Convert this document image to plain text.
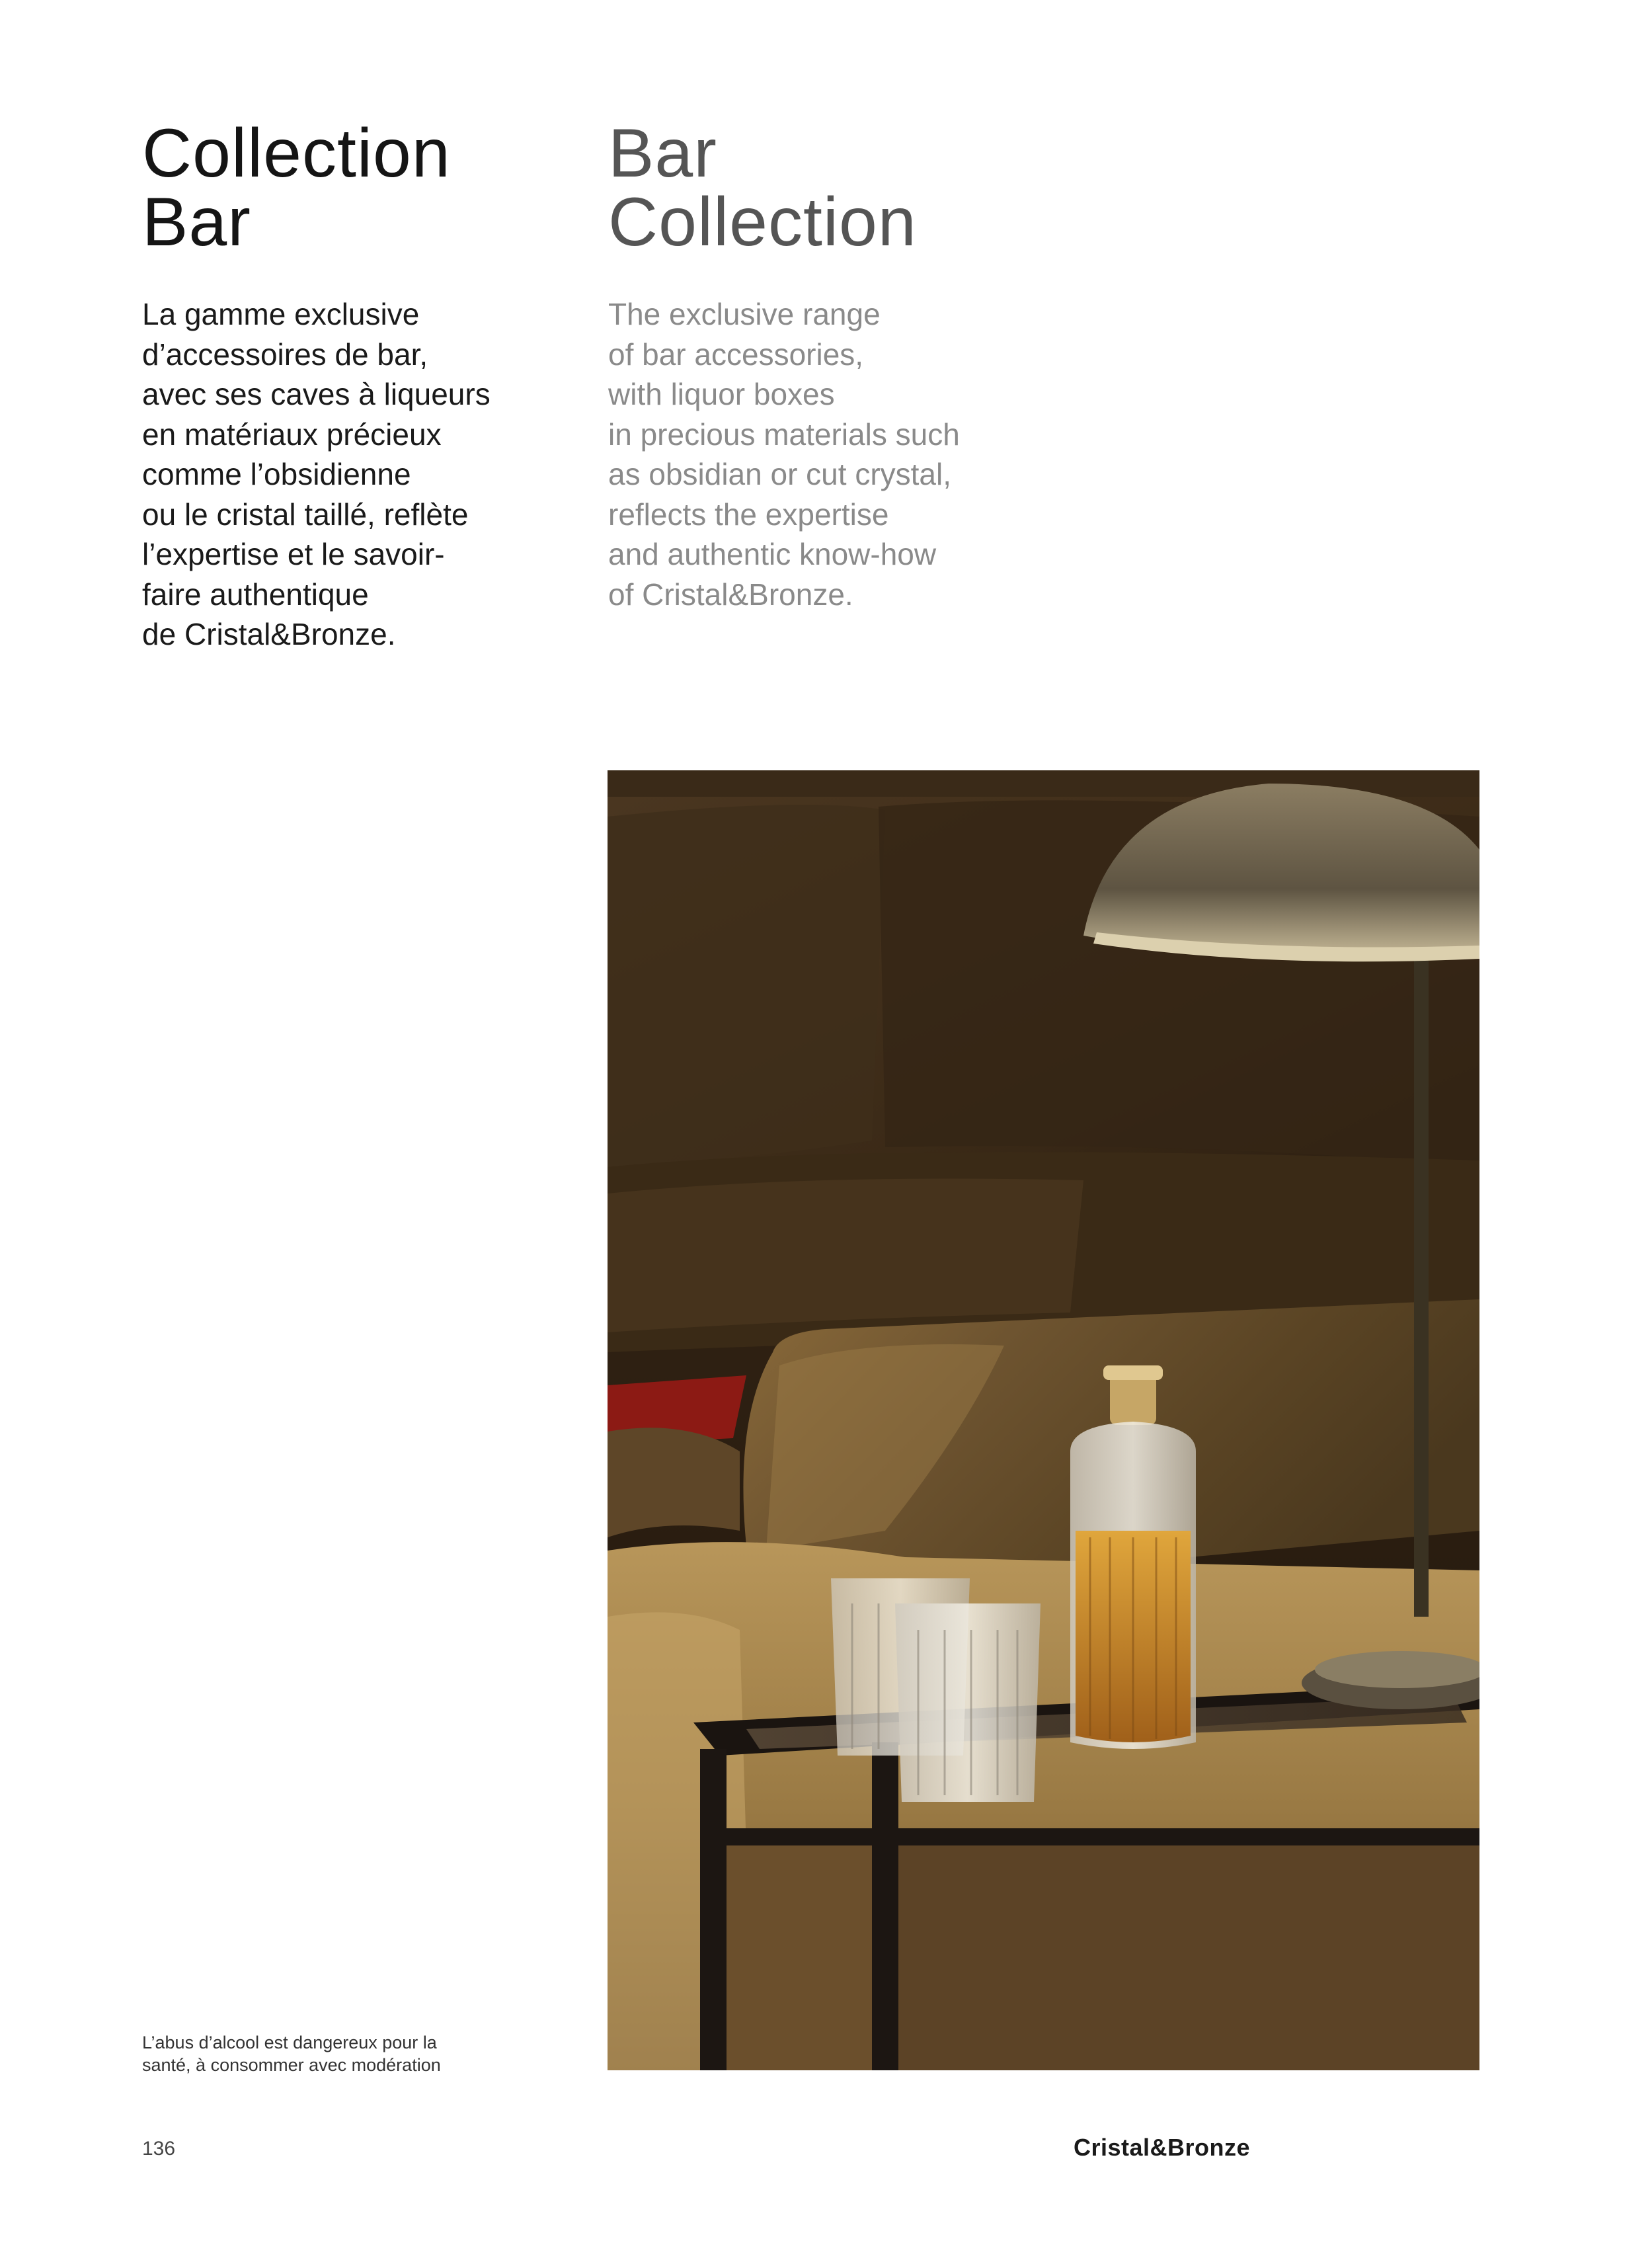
Collection
Bar
Bar
Collection

La gamme exclusive
d’accessoires de bar,
avec ses caves à liqueurs
en matériaux précieux
comme l’obsidienne
ou le cristal taillé, reflète
l’expertise et le savoir-
faire authentique
de Cristal&Bronze.

The exclusive range
of bar accessories,
with liquor boxes
in precious materials such
as obsidian or cut crystal,
reflects the expertise
and authentic know-how
of Cristal&Bronze.

L’abus d’alcool est dangereux pour la
santé, à consommer avec modération

136	Cristal&Bronze
